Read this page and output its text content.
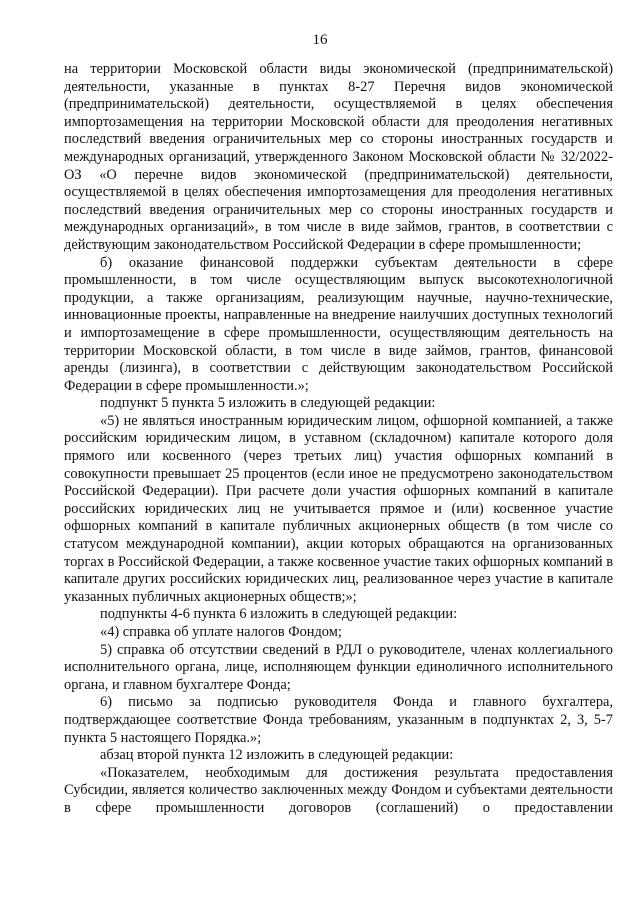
16

на территории Московской области виды экономической (предпринимательской) деятельности, указанные в пунктах 8-27 Перечня видов экономической (предпринимательской) деятельности, осуществляемой в целях обеспечения импортозамещения на территории Московской области для преодоления негативных последствий введения ограничительных мер со стороны иностранных государств и международных организаций, утвержденного Законом Московской области № 32/2022-ОЗ «О перечне видов экономической (предпринимательской) деятельности, осуществляемой в целях обеспечения импортозамещения для преодоления негативных последствий введения ограничительных мер со стороны иностранных государств и международных организаций», в том числе в виде займов, грантов, в соответствии с действующим законодательством Российской Федерации в сфере промышленности;

б) оказание финансовой поддержки субъектам деятельности в сфере промышленности, в том числе осуществляющим выпуск высокотехнологичной продукции, а также организациям, реализующим научные, научно-технические, инновационные проекты, направленные на внедрение наилучших доступных технологий и импортозамещение в сфере промышленности, осуществляющим деятельность на территории Московской области, в том числе в виде займов, грантов, финансовой аренды (лизинга), в соответствии с действующим законодательством Российской Федерации в сфере промышленности.»;

подпункт 5 пункта 5 изложить в следующей редакции:

«5) не являться иностранным юридическим лицом, офшорной компанией, а также российским юридическим лицом, в уставном (складочном) капитале которого доля прямого или косвенного (через третьих лиц) участия офшорных компаний в совокупности превышает 25 процентов (если иное не предусмотрено законодательством Российской Федерации). При расчете доли участия офшорных компаний в капитале российских юридических лиц не учитывается прямое и (или) косвенное участие офшорных компаний в капитале публичных акционерных обществ (в том числе со статусом международной компании), акции которых обращаются на организованных торгах в Российской Федерации, а также косвенное участие таких офшорных компаний в капитале других российских юридических лиц, реализованное через участие в капитале указанных публичных акционерных обществ;»;

подпункты 4-6 пункта 6 изложить в следующей редакции:

«4) справка об уплате налогов Фондом;

5) справка об отсутствии сведений в РДЛ о руководителе, членах коллегиального исполнительного органа, лице, исполняющем функции единоличного исполнительного органа, и главном бухгалтере Фонда;

6) письмо за подписью руководителя Фонда и главного бухгалтера, подтверждающее соответствие Фонда требованиям, указанным в подпунктах 2, 3, 5-7 пункта 5 настоящего Порядка.»;

абзац второй пункта 12 изложить в следующей редакции:

«Показателем, необходимым для достижения результата предоставления Субсидии, является количество заключенных между Фондом и субъектами деятельности в сфере промышленности договоров (соглашений) о предоставлении
